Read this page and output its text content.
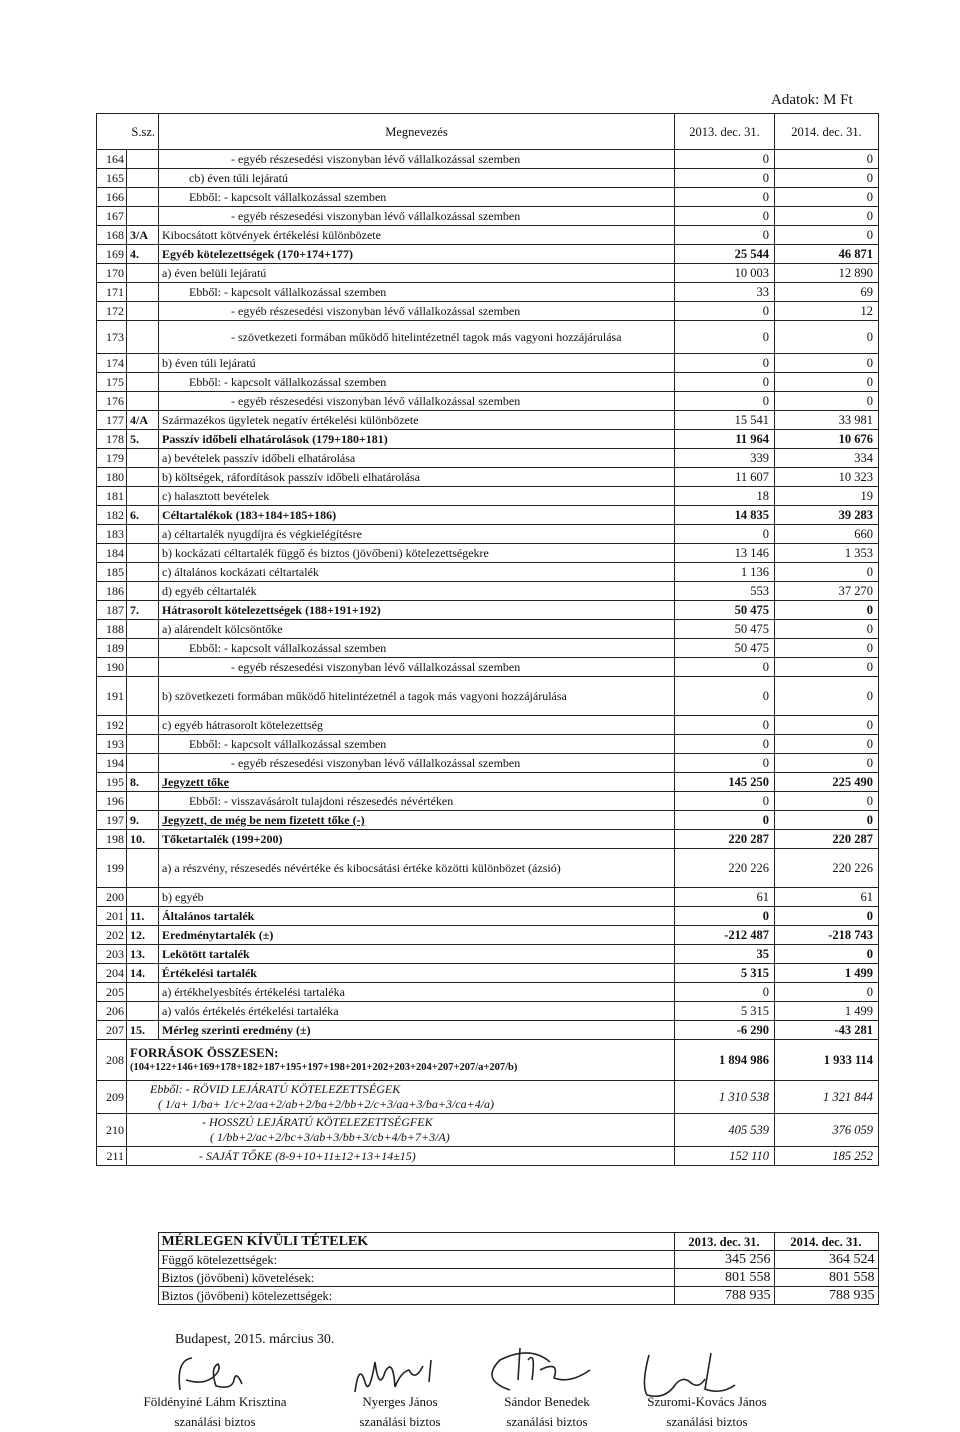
Adatok: M Ft
S.sz.		Megnevezés	2013. dec. 31.	2014. dec. 31.
164		- egyéb részesedési viszonyban lévő vállalkozással szemben	0	0
165		cb) éven túli lejáratú	0	0
166		Ebből: - kapcsolt vállalkozással szemben	0	0
167		- egyéb részesedési viszonyban lévő vállalkozással szemben	0	0
168	3/A	Kibocsátott kötvények értékelési különbözete	0	0
169	4.	Egyéb kötelezettségek (170+174+177)	25 544	46 871
170		a) éven belüli lejáratú	10 003	12 890
171		Ebből: - kapcsolt vállalkozással szemben	33	69
172		- egyéb részesedési viszonyban lévő vállalkozással szemben	0	12
173		- szövetkezeti formában működő hitelintézetnél tagok más vagyoni hozzájárulása	0	0
174		b) éven túli lejáratú	0	0
175		Ebből: - kapcsolt vállalkozással szemben	0	0
176		- egyéb részesedési viszonyban lévő vállalkozással szemben	0	0
177	4/A	Származékos ügyletek negatív értékelési különbözete	15 541	33 981
178	5.	Passzív időbeli elhatárolások (179+180+181)	11 964	10 676
179		a) bevételek passzív időbeli elhatárolása	339	334
180		b) költségek, ráfordítások passzív időbeli elhatárolása	11 607	10 323
181		c) halasztott bevételek	18	19
182	6.	Céltartalékok (183+184+185+186)	14 835	39 283
183		a) céltartalék nyugdíjra és végkielégítésre	0	660
184		b) kockázati céltartalék függő és biztos (jövőbeni) kötelezettségekre	13 146	1 353
185		c) általános kockázati céltartalék	1 136	0
186		d) egyéb céltartalék	553	37 270
187	7.	Hátrasorolt kötelezettségek (188+191+192)	50 475	0
188		a) alárendelt kölcsöntőke	50 475	0
189		Ebből: - kapcsolt vállalkozással szemben	50 475	0
190		- egyéb részesedési viszonyban lévő vállalkozással szemben	0	0
191		b) szövetkezeti formában működő hitelintézetnél a tagok más vagyoni hozzájárulása	0	0
192		c) egyéb hátrasorolt kötelezettség	0	0
193		Ebből: - kapcsolt vállalkozással szemben	0	0
194		- egyéb részesedési viszonyban lévő vállalkozással szemben	0	0
195	8.	Jegyzett tőke	145 250	225 490
196		Ebből: - visszavásárolt tulajdoni részesedés névértéken	0	0
197	9.	Jegyzett, de még be nem fizetett tőke (-)	0	0
198	10.	Tőketartalék (199+200)	220 287	220 287
199		a) a részvény, részesedés névértéke és kibocsátási értéke közötti különbözet (ázsió)	220 226	220 226
200		b) egyéb	61	61
201	11.	Általános tartalék	0	0
202	12.	Eredménytartalék (±)	-212 487	-218 743
203	13.	Lekötött tartalék	35	0
204	14.	Értékelési tartalék	5 315	1 499
205		a) értékhelyesbítés értékelési tartaléka	0	0
206		a) valós értékelés értékelési tartaléka	5 315	1 499
207	15.	Mérleg szerinti eredmény (±)	-6 290	-43 281
208	FORRÁSOK ÖSSZESEN:
(104+122+146+169+178+182+187+195+197+198+201+202+203+204+207+207/a+207/b)		1 894 986	1 933 114
209	Ebből: - RÖVID LEJÁRATÚ KÖTELEZETTSÉGEK
( 1/a+ 1/ba+ 1/c+2/aa+2/ab+2/ba+2/bb+2/c+3/aa+3/ba+3/ca+4/a)		1 310 538	1 321 844
210	- HOSSZÚ LEJÁRATÚ KÖTELEZETTSÉGFEK
( 1/bb+2/ac+2/bc+3/ab+3/bb+3/cb+4/b+7+3/A)		405 539	376 059
211	- SAJÁT TŐKE (8-9+10+11±12+13+14±15)		152 110	185 252
	MÉRLEGEN KÍVÜLI TÉTELEK	2013. dec. 31.	2014. dec. 31.
	Függő kötelezettségek:	345 256	364 524
	Biztos (jövőbeni) követelések:	801 558	801 558
	Biztos (jövőbeni) kötelezettségek:	788 935	788 935
Budapest, 2015. március 30.
Földényiné Láhm Krisztina
szanálási biztos
Nyerges János
szanálási biztos
Sándor Benedek
szanálási biztos
Szuromi-Kovács János
szanálási biztos
